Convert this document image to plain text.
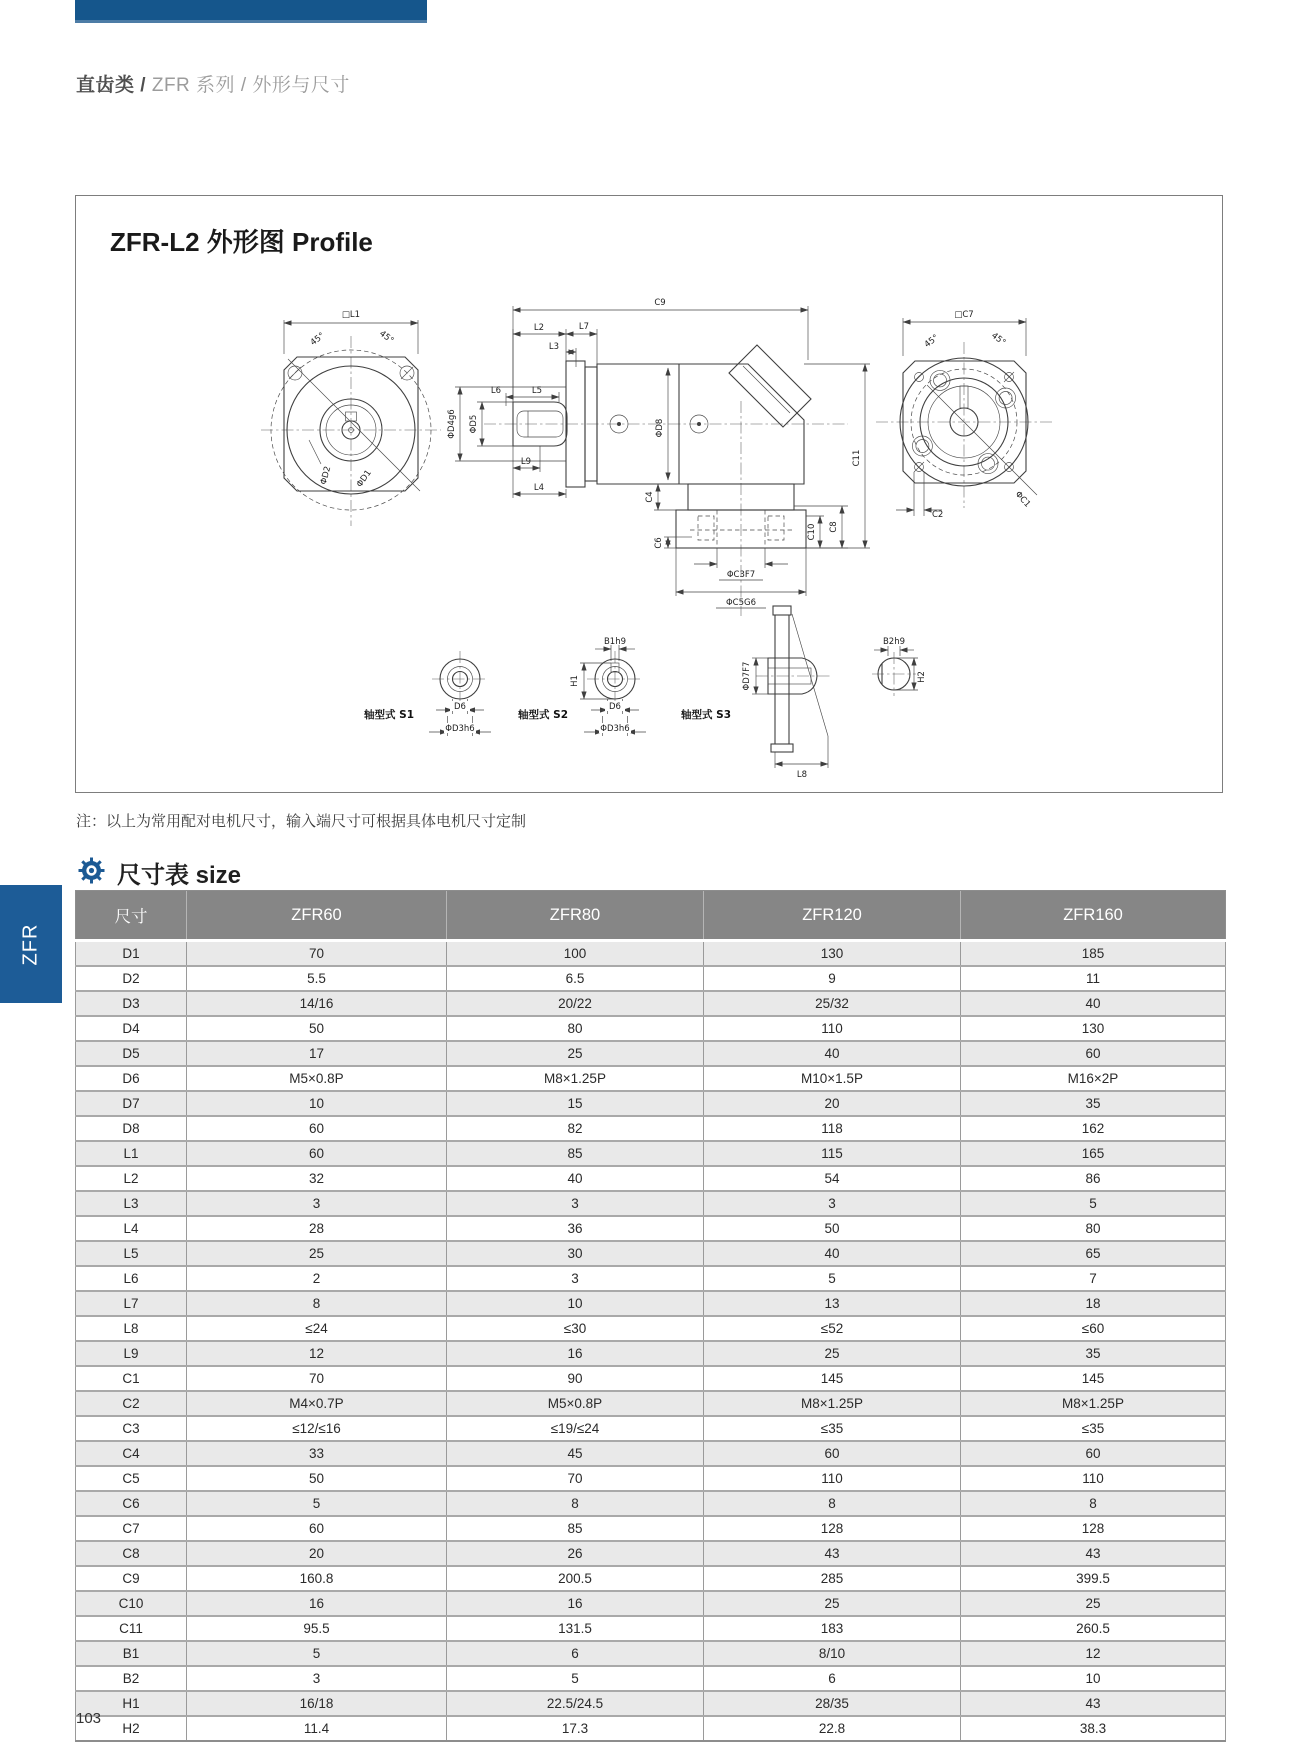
直齿类 / ZFR 系列 / 外形与尺寸
ZFR-L2 外形图 Profile
□L1
45°	45°
ΦD2	ΦD1
C9
ΦD4g6 ΦD5
L6	L5
L9
L4
L3
L2	L7
ΦD8
C4
C6
ΦC3F7
ΦC5G6
C10 C8
C11
□C7
45°	45°
C2
ΦC1
D6
ΦD3h6
轴型式 S1
B1h9
H1
D6
ΦD3h6
轴型式 S2
ΦD7F7
L8
轴型式 S3
B2h9
H2
注：以上为常用配对电机尺寸，输入端尺寸可根据具体电机尺寸定制
尺寸表 size
ZFR
尺寸	ZFR60	ZFR80	ZFR120	ZFR160
D1	70	100	130	185
D2	5.5	6.5	9	11
D3	14/16	20/22	25/32	40
D4	50	80	110	130
D5	17	25	40	60
D6	M5×0.8P	M8×1.25P	M10×1.5P	M16×2P
D7	10	15	20	35
D8	60	82	118	162
L1	60	85	115	165
L2	32	40	54	86
L3	3	3	3	5
L4	28	36	50	80
L5	25	30	40	65
L6	2	3	5	7
L7	8	10	13	18
L8	≤24	≤30	≤52	≤60
L9	12	16	25	35
C1	70	90	145	145
C2	M4×0.7P	M5×0.8P	M8×1.25P	M8×1.25P
C3	≤12/≤16	≤19/≤24	≤35	≤35
C4	33	45	60	60
C5	50	70	110	110
C6	5	8	8	8
C7	60	85	128	128
C8	20	26	43	43
C9	160.8	200.5	285	399.5
C10	16	16	25	25
C11	95.5	131.5	183	260.5
B1	5	6	8/10	12
B2	3	5	6	10
H1	16/18	22.5/24.5	28/35	43
H2	11.4	17.3	22.8	38.3
103
